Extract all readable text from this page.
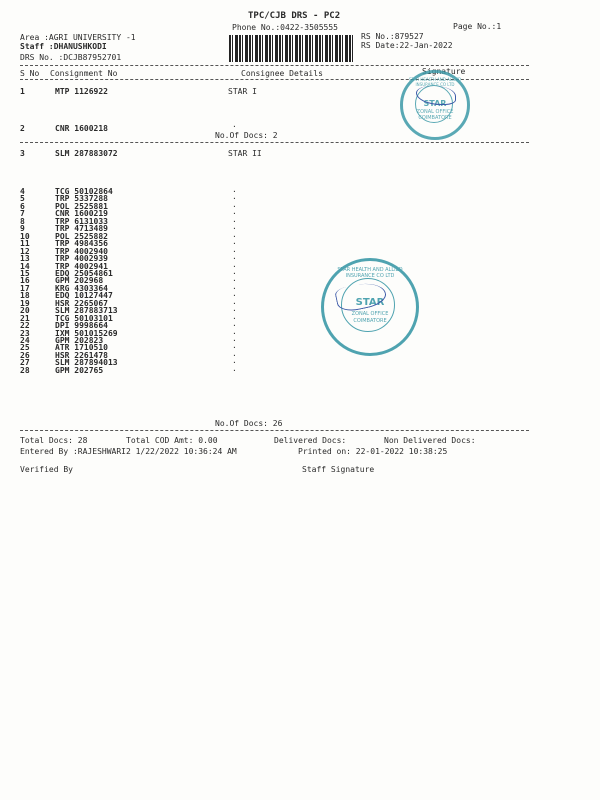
TPC/CJB DRS - PC2
Phone No.:0422-3505555	Page No.:1
Area :AGRI UNIVERSITY -1
Staff :DHANUSHKODI
DRS No. :DCJB87952701
RS No.:879527
RS Date:22-Jan-2022
S No Consignment No	Consignee Details	Signature
1	MTP 1126922	STAR I
2	CNR 1600218	.
No.Of Docs: 2
3	SLM 287883072	STAR II
4	TCG 50102864	.
5	TRP 5337288	.
6	POL 2525881	.
7	CNR 1600219	.
8	TRP 6131033	.
9	TRP 4713489	.
10	POL 2525882	.
11	TRP 4984356	.
12	TRP 4002940	.
13	TRP 4002939	.
14	TRP 4002941	.
15	EDQ 25054861	.
16	GPM 202968	.
17	KRG 4303364	.
18	EDQ 10127447	.
19	HSR 2265067	.
20	SLM 287883713	.
21	TCG 50103101	.
22	DPI 9998664	.
23	IXM 501015269	.
24	GPM 202823	.
25	ATR 1710510	.
26	HSR 2261478	.
27	SLM 287894013	.
28	GPM 202765	.
No.Of Docs: 26
Total Docs: 28	Total COD Amt: 0.00	Delivered Docs:	Non Delivered Docs:
Entered By :RAJESHWARI2 1/22/2022 10:36:24 AM	Printed on: 22-01-2022 10:38:25
Verified By	Staff Signature
STAR HEALTH AND ALLIED INSURANCE CO LTD
STAR
ZONAL OFFICE
COIMBATORE
STAR HEALTH AND ALLIED INSURANCE CO LTD
STAR
ZONAL OFFICE
COIMBATORE
